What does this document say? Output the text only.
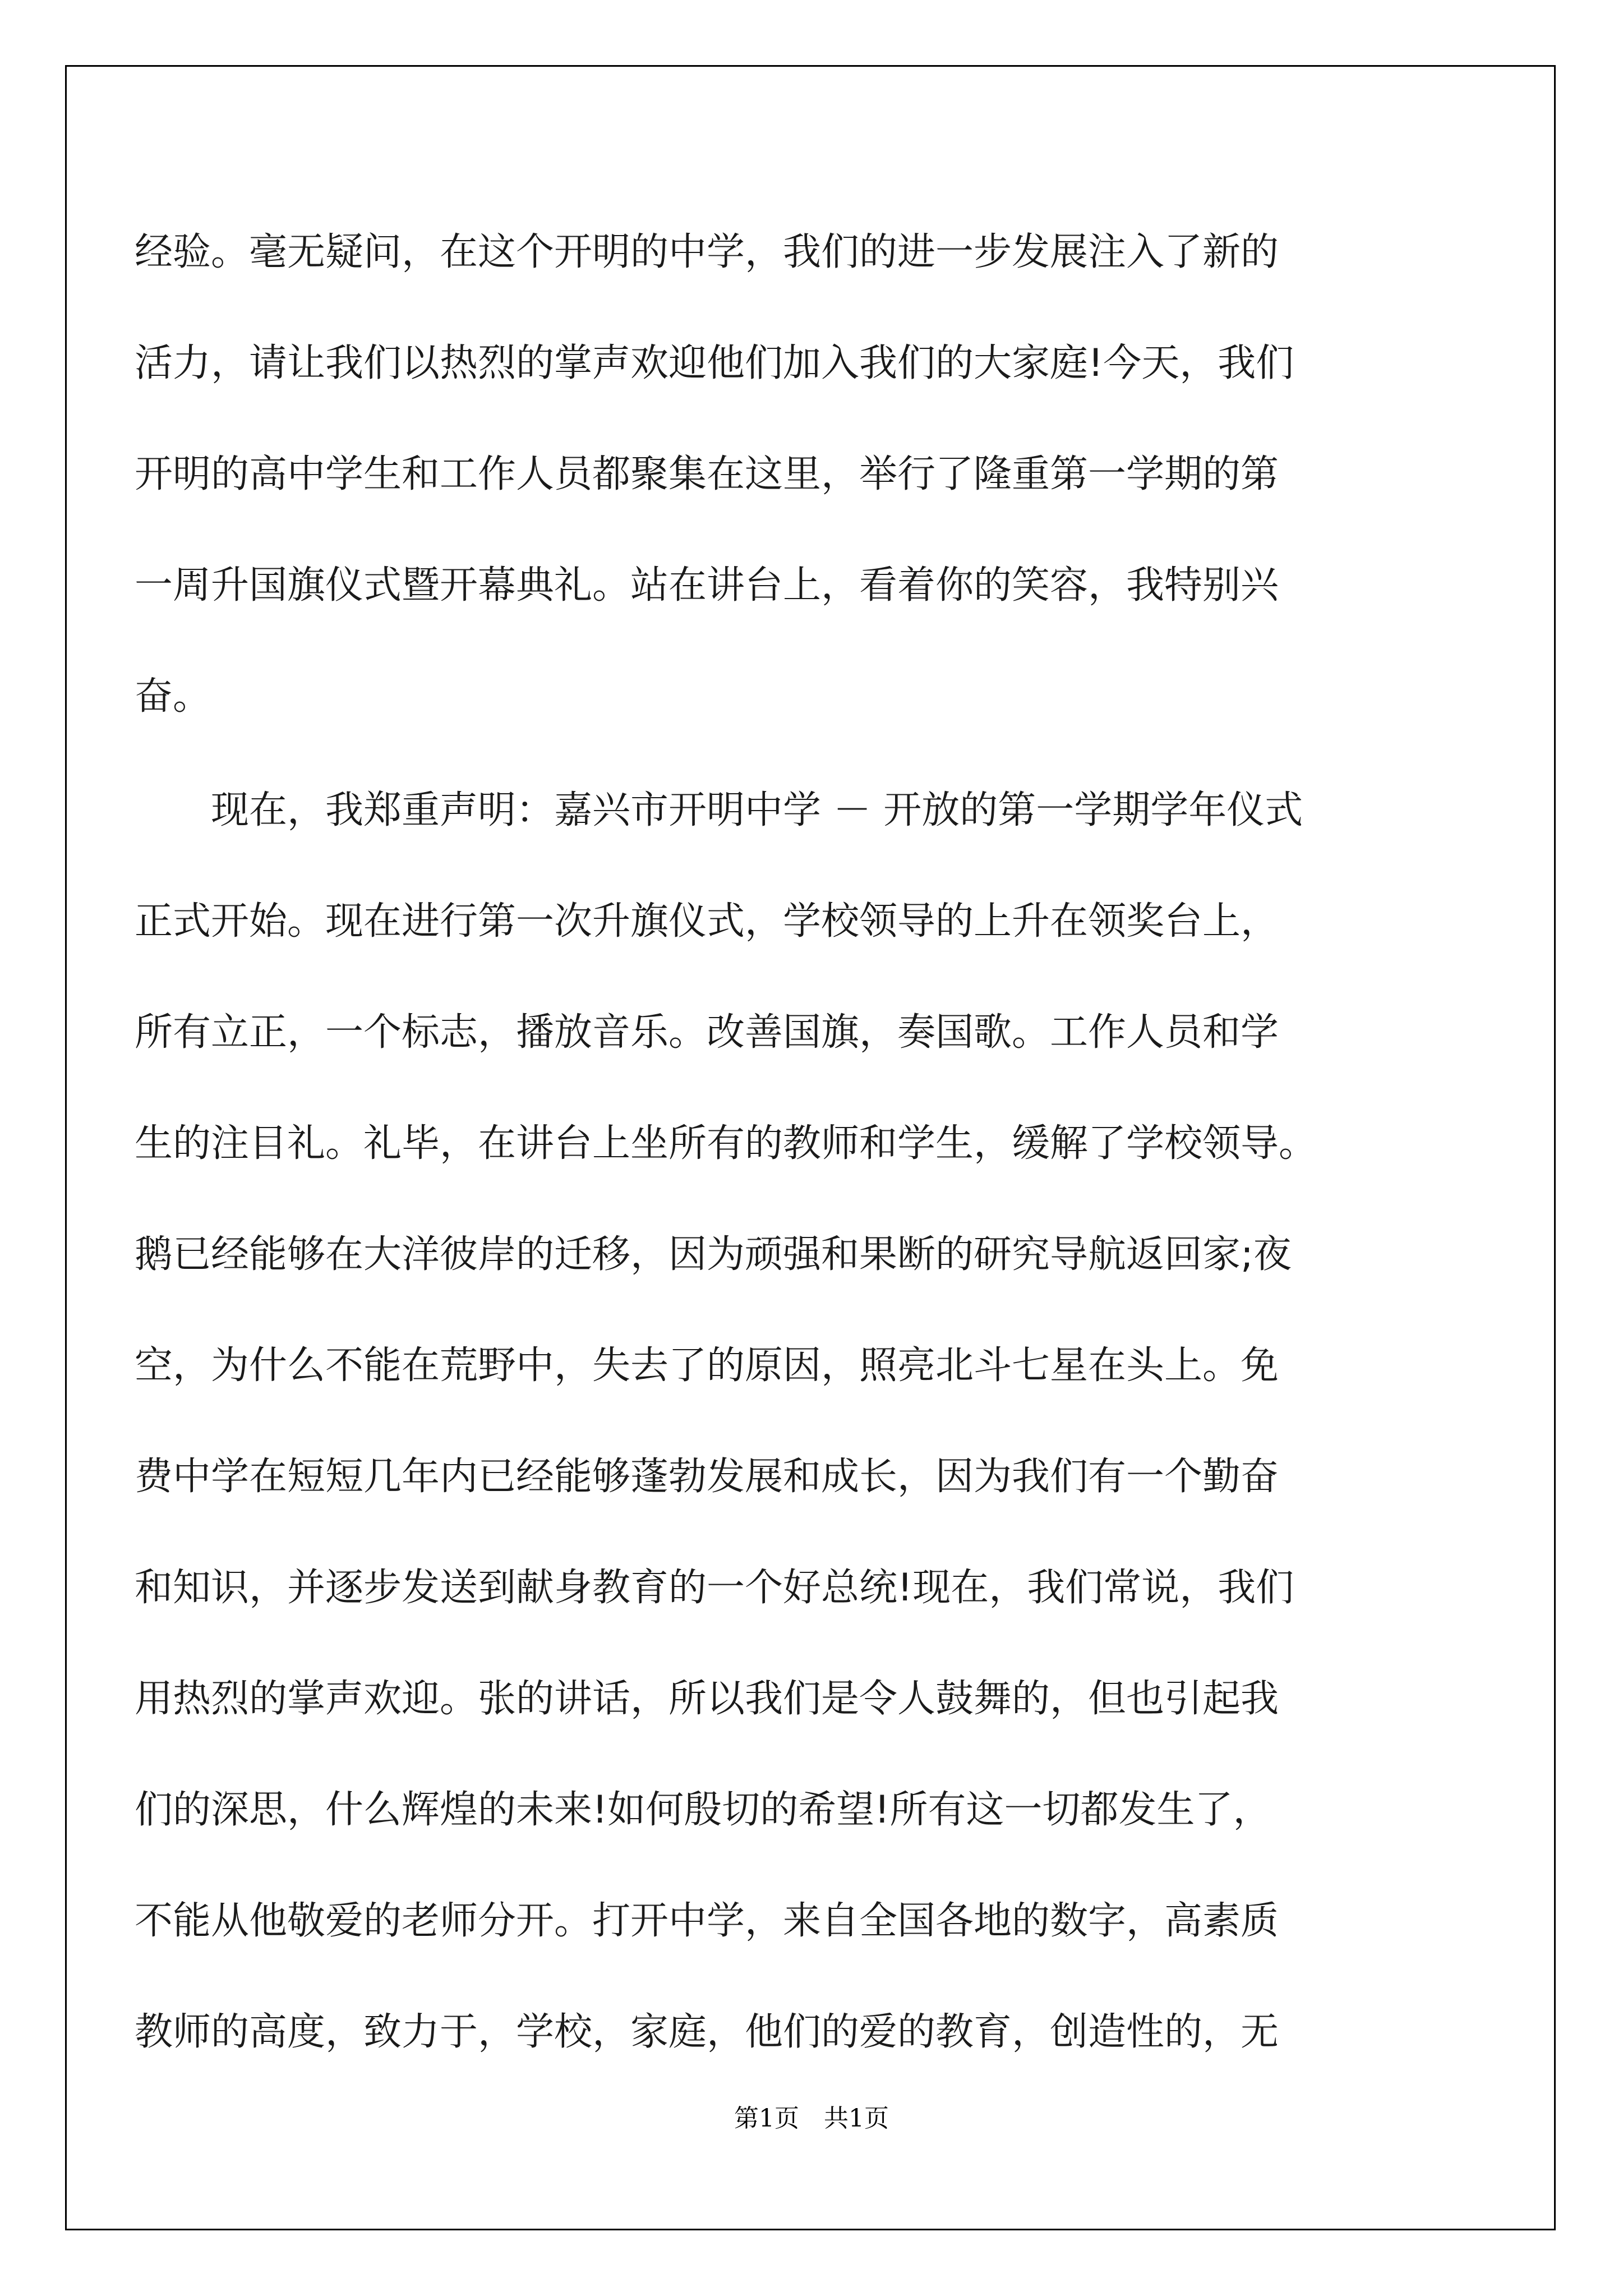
经验。毫无疑问，在这个开明的中学，我们的进一步发展注入了新的
活力，请让我们以热烈的掌声欢迎他们加入我们的大家庭!今天，我们
开明的高中学生和工作人员都聚集在这里，举行了隆重第一学期的第
一周升国旗仪式暨开幕典礼。站在讲台上，看着你的笑容，我特别兴
奋。
现在，我郑重声明：嘉兴市开明中学 － 开放的第一学期学年仪式
正式开始。现在进行第一次升旗仪式，学校领导的上升在领奖台上，
所有立正，一个标志，播放音乐。改善国旗，奏国歌。工作人员和学
生的注目礼。礼毕，在讲台上坐所有的教师和学生，缓解了学校领导。
鹅已经能够在大洋彼岸的迁移，因为顽强和果断的研究导航返回家;夜
空，为什么不能在荒野中，失去了的原因，照亮北斗七星在头上。免
费中学在短短几年内已经能够蓬勃发展和成长，因为我们有一个勤奋
和知识，并逐步发送到献身教育的一个好总统!现在，我们常说，我们
用热烈的掌声欢迎。张的讲话，所以我们是令人鼓舞的，但也引起我
们的深思，什么辉煌的未来!如何殷切的希望!所有这一切都发生了，
不能从他敬爱的老师分开。打开中学，来自全国各地的数字，高素质
教师的高度，致力于，学校，家庭，他们的爱的教育，创造性的，无
第1页　共1页
